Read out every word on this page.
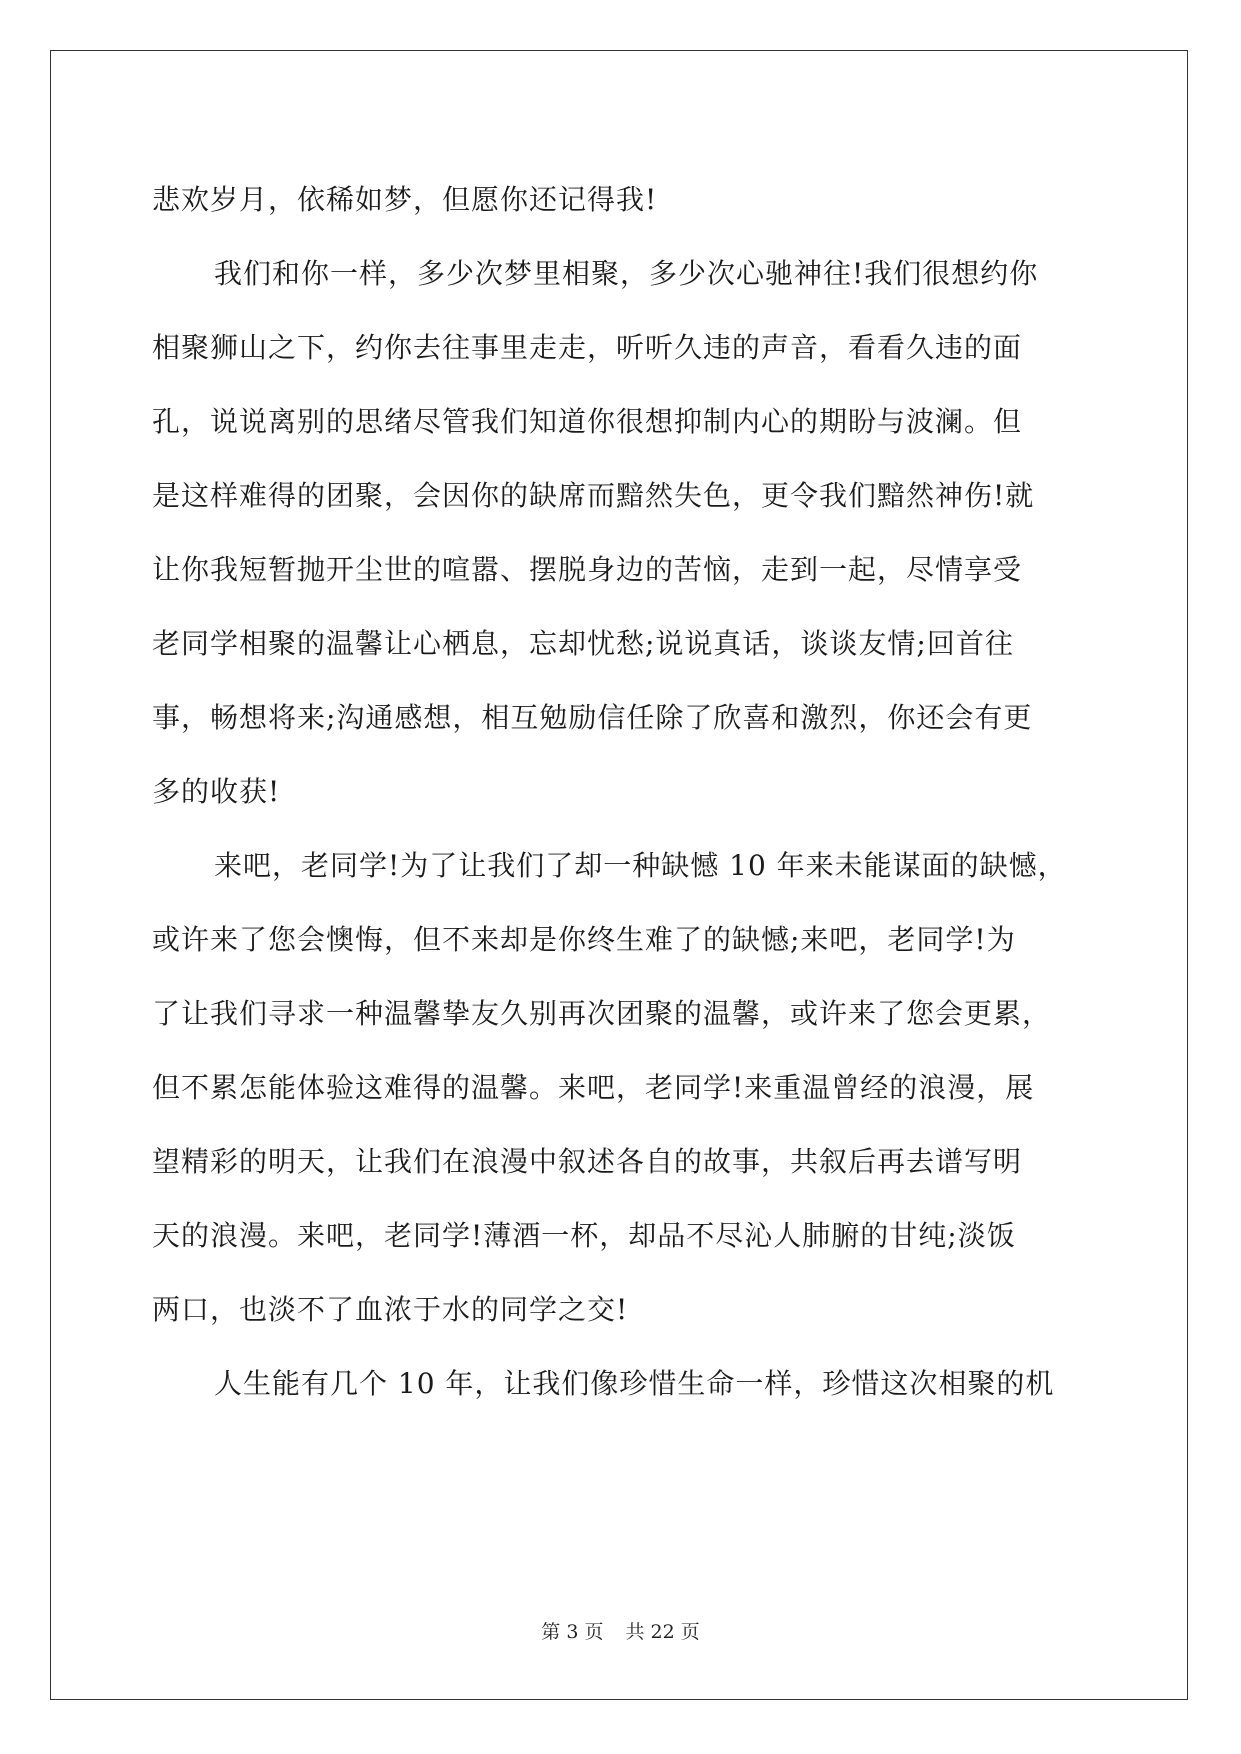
悲欢岁月，依稀如梦，但愿你还记得我!

我们和你一样，多少次梦里相聚，多少次心驰神往!我们很想约你

相聚狮山之下，约你去往事里走走，听听久违的声音，看看久违的面

孔，说说离别的思绪尽管我们知道你很想抑制内心的期盼与波澜。但

是这样难得的团聚，会因你的缺席而黯然失色，更令我们黯然神伤!就

让你我短暂抛开尘世的喧嚣、摆脱身边的苦恼，走到一起，尽情享受

老同学相聚的温馨让心栖息，忘却忧愁;说说真话，谈谈友情;回首往

事，畅想将来;沟通感想，相互勉励信任除了欣喜和激烈，你还会有更

多的收获!

来吧，老同学!为了让我们了却一种缺憾 10 年来未能谋面的缺憾，

或许来了您会懊悔，但不来却是你终生难了的缺憾;来吧，老同学!为

了让我们寻求一种温馨挚友久别再次团聚的温馨，或许来了您会更累，

但不累怎能体验这难得的温馨。来吧，老同学!来重温曾经的浪漫，展

望精彩的明天，让我们在浪漫中叙述各自的故事，共叙后再去谱写明

天的浪漫。来吧，老同学!薄酒一杯，却品不尽沁人肺腑的甘纯;淡饭

两口，也淡不了血浓于水的同学之交!

人生能有几个 10 年，让我们像珍惜生命一样，珍惜这次相聚的机

第 3 页 共 22 页
